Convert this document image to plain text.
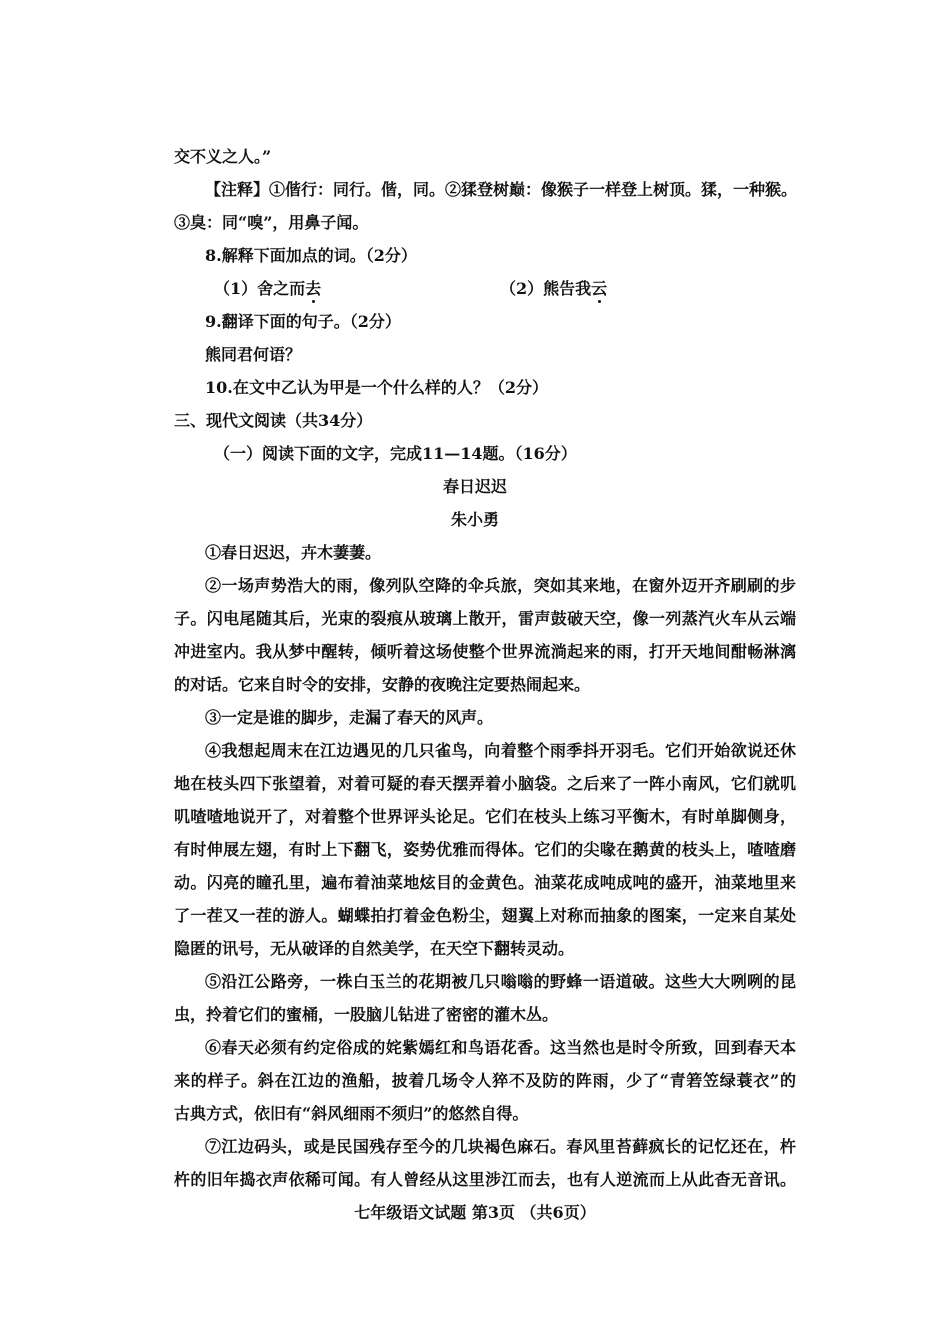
交不义之人。”
【注释】①偕行：同行。偕，同。②猱登树巅：像猴子一样登上树顶。猱，一种猴。
③臭：同“嗅”，用鼻子闻。
8.解释下面加点的词。（2分）
（1）舍之而去	（2）熊告我云
9.翻译下面的句子。（2分）
熊同君何语？
10.在文中乙认为甲是一个什么样的人？（2分）
三、现代文阅读（共34分）
（一）阅读下面的文字，完成11—14题。（16分）
春日迟迟
朱小勇
①春日迟迟，卉木萋萋。
②一场声势浩大的雨，像列队空降的伞兵旅，突如其来地，在窗外迈开齐刷刷的步
子。闪电尾随其后，光束的裂痕从玻璃上散开，雷声鼓破天空，像一列蒸汽火车从云端
冲进室内。我从梦中醒转，倾听着这场使整个世界流淌起来的雨，打开天地间酣畅淋漓
的对话。它来自时令的安排，安静的夜晚注定要热闹起来。
③一定是谁的脚步，走漏了春天的风声。
④我想起周末在江边遇见的几只雀鸟，向着整个雨季抖开羽毛。它们开始欲说还休
地在枝头四下张望着，对着可疑的春天摆弄着小脑袋。之后来了一阵小南风，它们就叽
叽喳喳地说开了，对着整个世界评头论足。它们在枝头上练习平衡木，有时单脚侧身，
有时伸展左翅，有时上下翻飞，姿势优雅而得体。它们的尖喙在鹅黄的枝头上，喳喳磨
动。闪亮的瞳孔里，遍布着油菜地炫目的金黄色。油菜花成吨成吨的盛开，油菜地里来
了一茬又一茬的游人。蝴蝶拍打着金色粉尘，翅翼上对称而抽象的图案，一定来自某处
隐匿的讯号，无从破译的自然美学，在天空下翻转灵动。
⑤沿江公路旁，一株白玉兰的花期被几只嗡嗡的野蜂一语道破。这些大大咧咧的昆
虫，拎着它们的蜜桶，一股脑儿钻进了密密的灌木丛。
⑥春天必须有约定俗成的姹紫嫣红和鸟语花香。这当然也是时令所致，回到春天本
来的样子。斜在江边的渔船，披着几场令人猝不及防的阵雨，少了“青箬笠绿蓑衣”的
古典方式，依旧有“斜风细雨不须归”的悠然自得。
⑦江边码头，或是民国残存至今的几块褐色麻石。春风里苔藓疯长的记忆还在，杵
杵的旧年捣衣声依稀可闻。有人曾经从这里涉江而去，也有人逆流而上从此杳无音讯。
七年级语文试题 第3页 （共6页）
